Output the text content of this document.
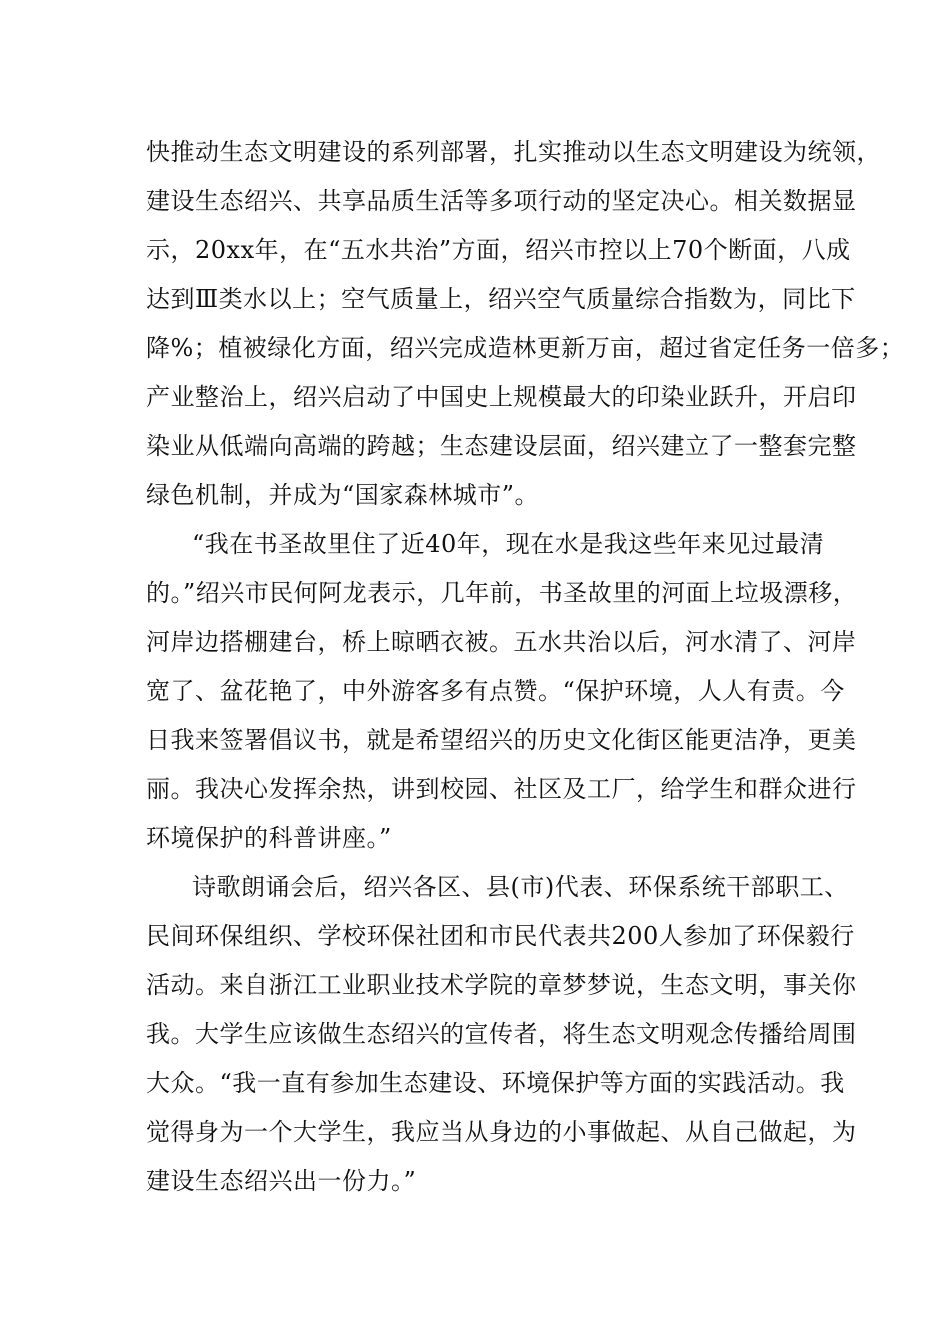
快推动生态文明建设的系列部署，扎实推动以生态文明建设为统领，
建设生态绍兴、共享品质生活等多项行动的坚定决心。相关数据显
示，20xx年，在“五水共治”方面，绍兴市控以上70个断面，八成
达到Ⅲ类水以上；空气质量上，绍兴空气质量综合指数为，同比下
降%；植被绿化方面，绍兴完成造林更新万亩，超过省定任务一倍多；
产业整治上，绍兴启动了中国史上规模最大的印染业跃升，开启印
染业从低端向高端的跨越；生态建设层面，绍兴建立了一整套完整
绿色机制，并成为“国家森林城市”。
“我在书圣故里住了近40年，现在水是我这些年来见过最清
的。”绍兴市民何阿龙表示，几年前，书圣故里的河面上垃圾漂移，
河岸边搭棚建台，桥上晾晒衣被。五水共治以后，河水清了、河岸
宽了、盆花艳了，中外游客多有点赞。“保护环境，人人有责。今
日我来签署倡议书，就是希望绍兴的历史文化街区能更洁净，更美
丽。我决心发挥余热，讲到校园、社区及工厂，给学生和群众进行
环境保护的科普讲座。”
诗歌朗诵会后，绍兴各区、县(市)代表、环保系统干部职工、
民间环保组织、学校环保社团和市民代表共200人参加了环保毅行
活动。来自浙江工业职业技术学院的章梦梦说，生态文明，事关你
我。大学生应该做生态绍兴的宣传者，将生态文明观念传播给周围
大众。“我一直有参加生态建设、环境保护等方面的实践活动。我
觉得身为一个大学生，我应当从身边的小事做起、从自己做起，为
建设生态绍兴出一份力。”
